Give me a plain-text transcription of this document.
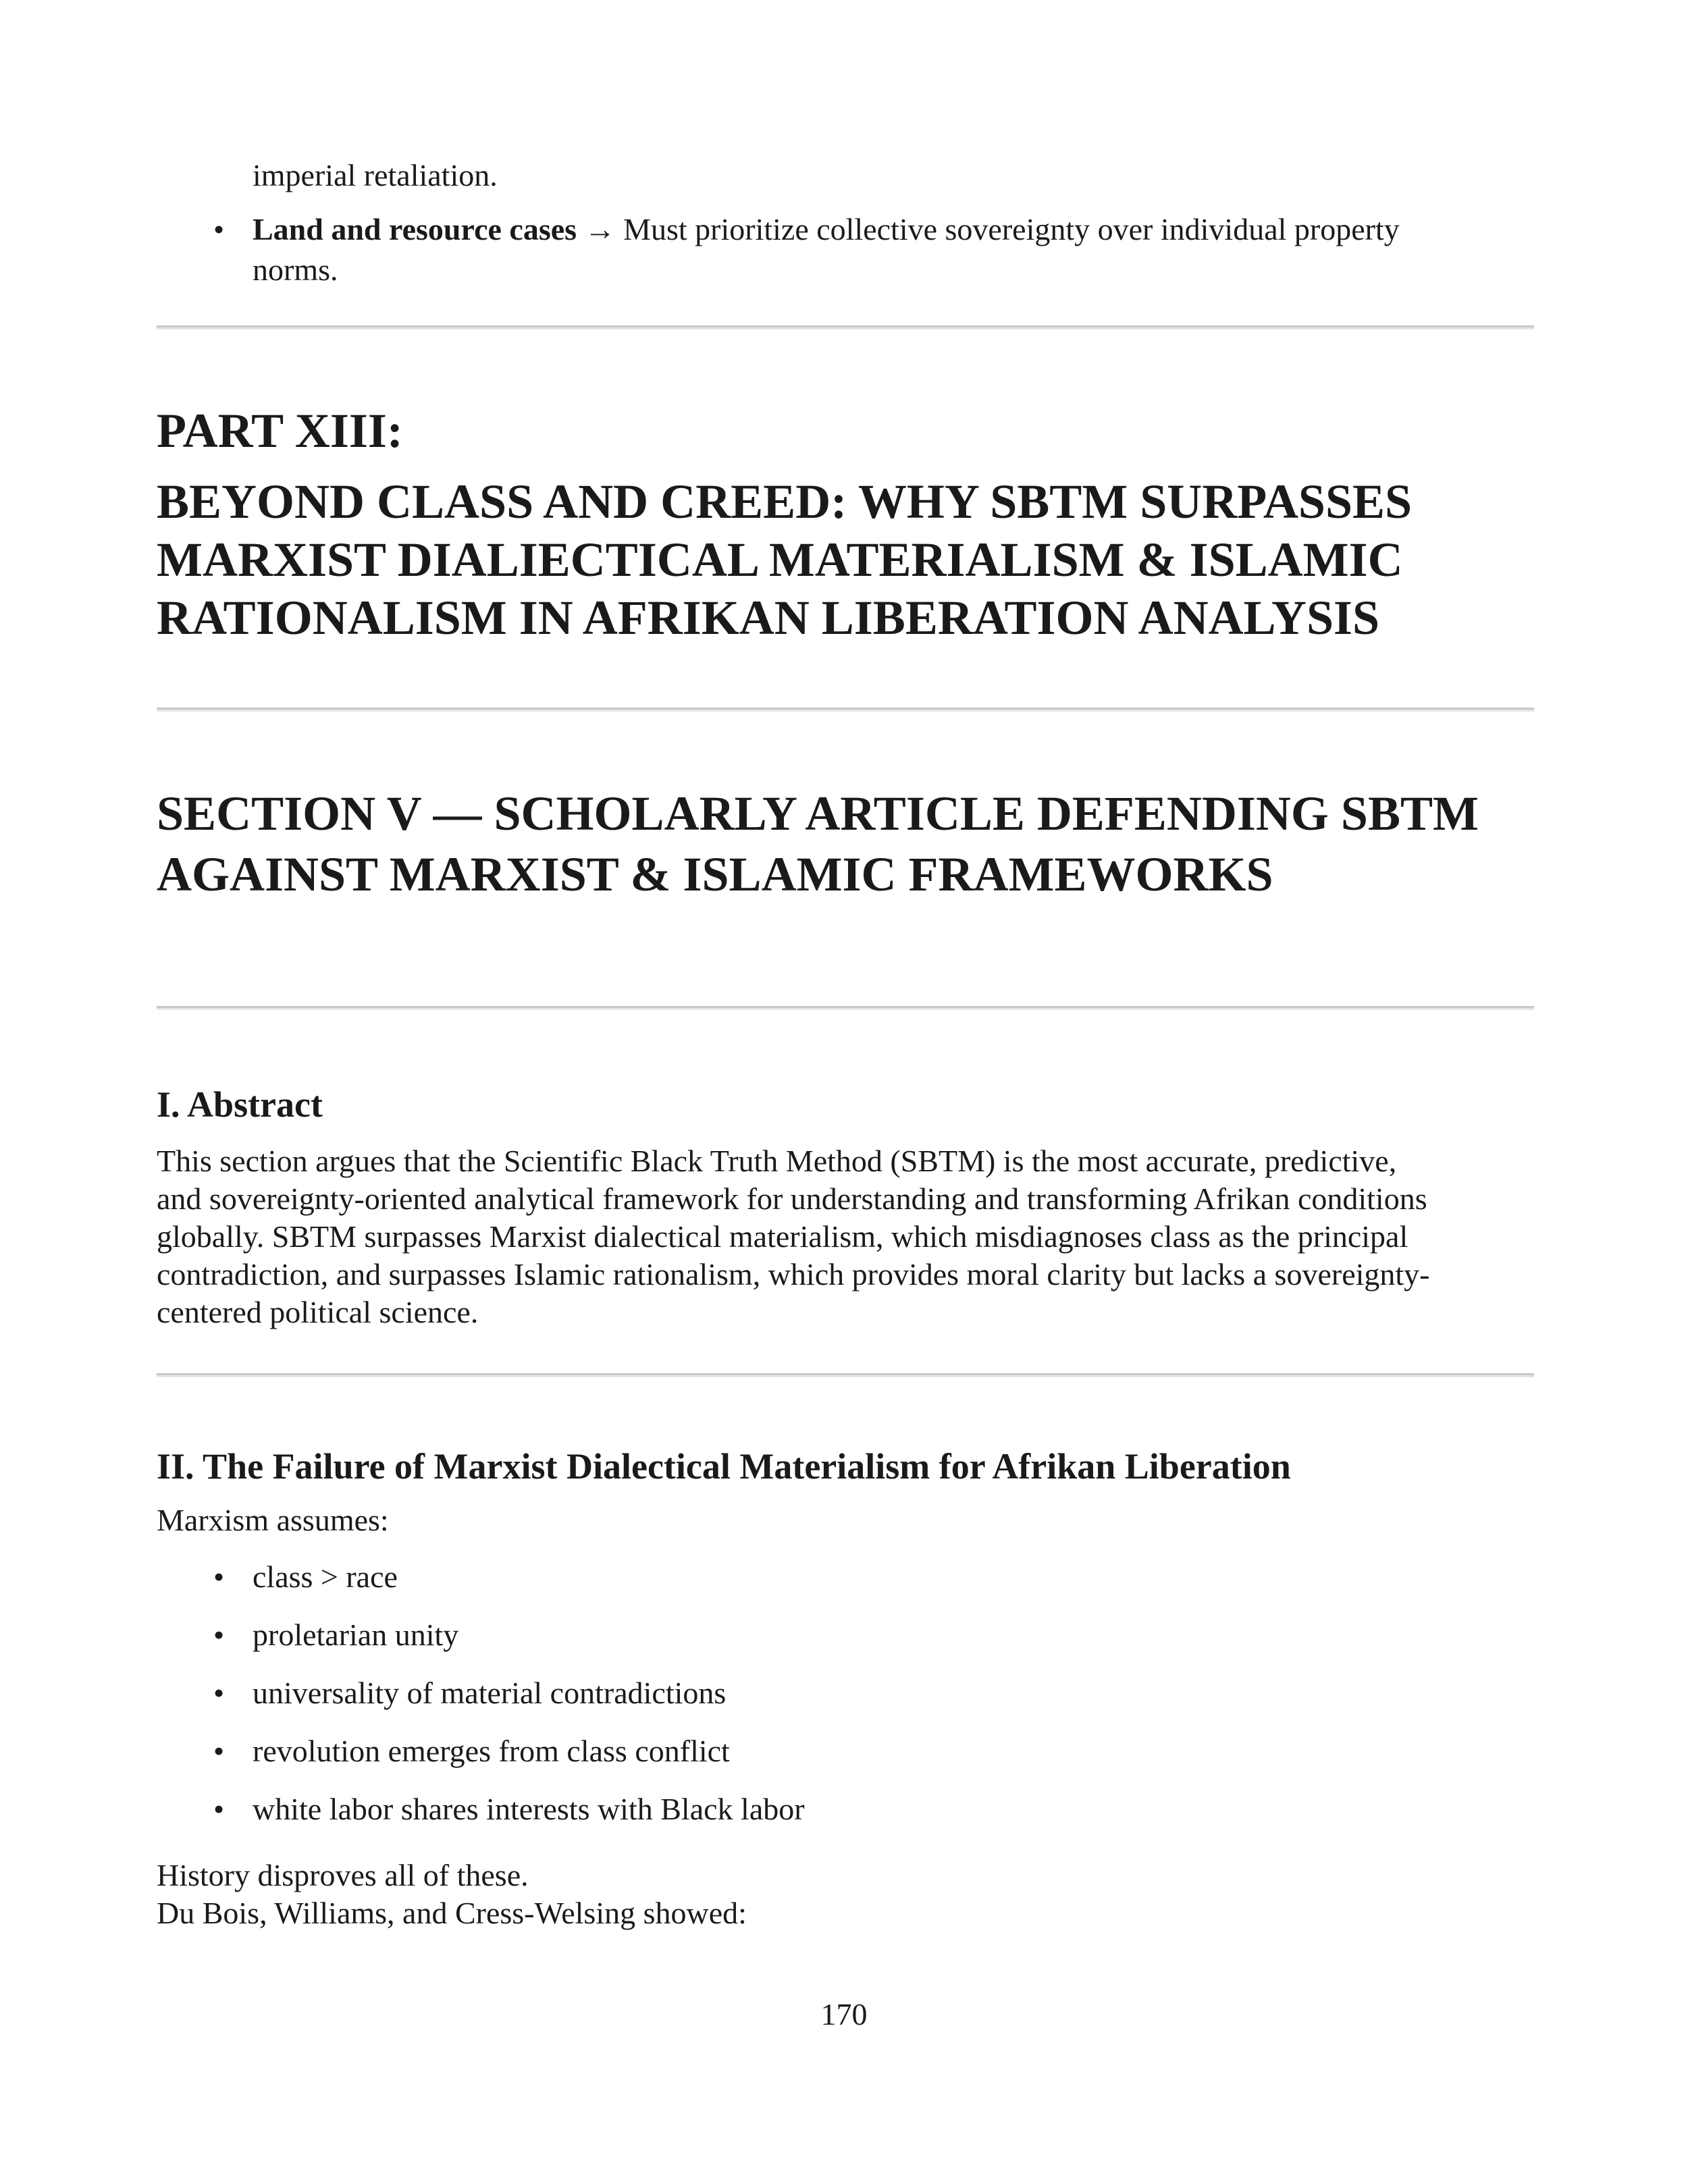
imperial retaliation.
• Land and resource cases → Must prioritize collective sovereignty over individual property
norms.
PART XIII:
BEYOND CLASS AND CREED: WHY SBTM SURPASSES
MARXIST DIALIECTICAL MATERIALISM & ISLAMIC
RATIONALISM IN AFRIKAN LIBERATION ANALYSIS
SECTION V — SCHOLARLY ARTICLE DEFENDING SBTM
AGAINST MARXIST & ISLAMIC FRAMEWORKS
I. Abstract
This section argues that the Scientific Black Truth Method (SBTM) is the most accurate, predictive,
and sovereignty-oriented analytical framework for understanding and transforming Afrikan conditions
globally. SBTM surpasses Marxist dialectical materialism, which misdiagnoses class as the principal
contradiction, and surpasses Islamic rationalism, which provides moral clarity but lacks a sovereignty-
centered political science.
II. The Failure of Marxist Dialectical Materialism for Afrikan Liberation
Marxism assumes:
• class > race
• proletarian unity
• universality of material contradictions
• revolution emerges from class conflict
• white labor shares interests with Black labor
History disproves all of these.
Du Bois, Williams, and Cress-Welsing showed:
170
